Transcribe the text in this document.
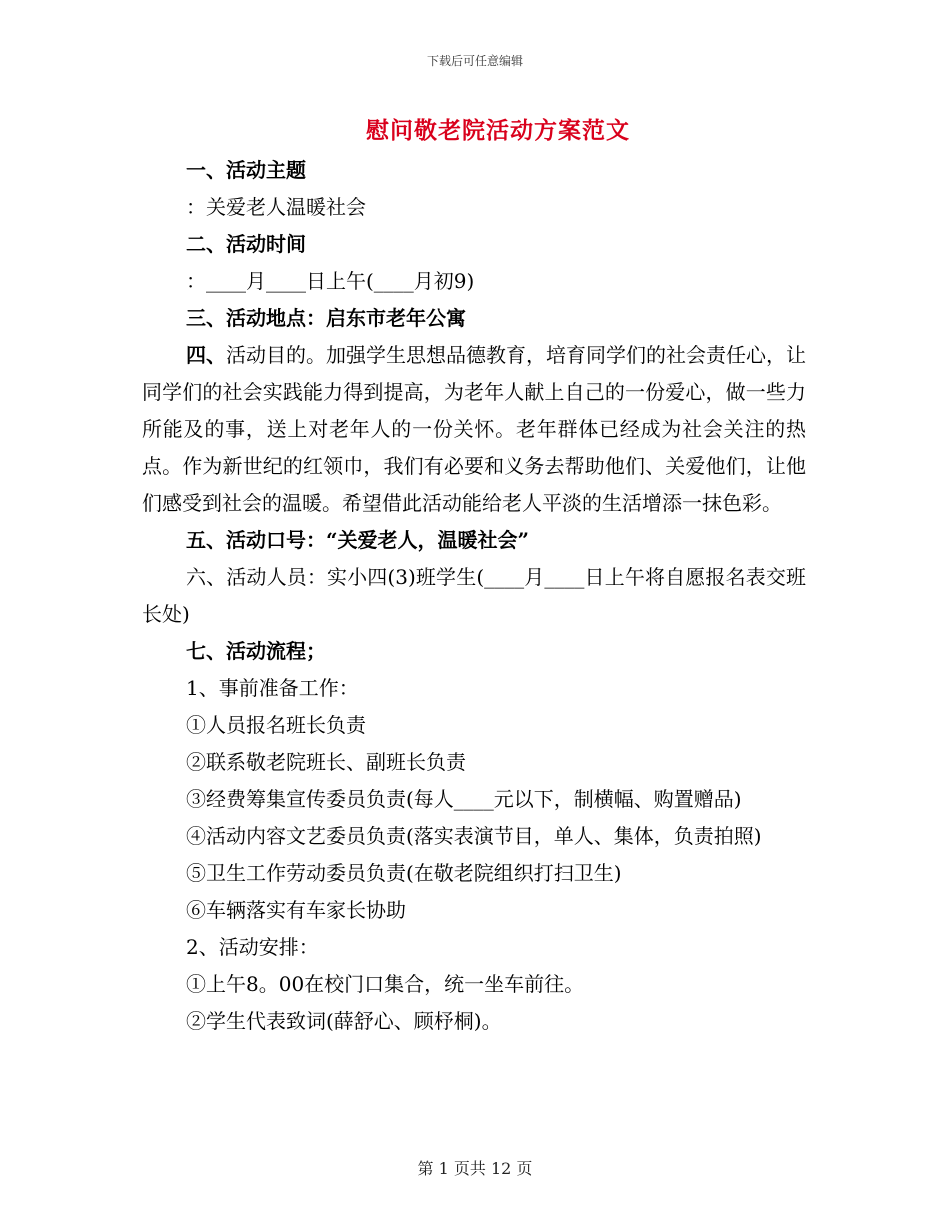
下载后可任意编辑
慰问敬老院活动方案范文

一、活动主题

：关爱老人温暖社会

二、活动时间

：____月____日上午(____月初9)

三、活动地点：启东市老年公寓

四、活动目的。加强学生思想品德教育，培育同学们的社会责任心，让同学们的社会实践能力得到提高，为老年人献上自己的一份爱心，做一些力所能及的事，送上对老年人的一份关怀。老年群体已经成为社会关注的热点。作为新世纪的红领巾，我们有必要和义务去帮助他们、关爱他们，让他们感受到社会的温暖。希望借此活动能给老人平淡的生活增添一抹色彩。

五、活动口号：“关爱老人，温暖社会”

六、活动人员：实小四(3)班学生(____月____日上午将自愿报名表交班长处)

七、活动流程；

1、事前准备工作：

①人员报名班长负责

②联系敬老院班长、副班长负责

③经费筹集宣传委员负责(每人____元以下，制横幅、购置赠品)

④活动内容文艺委员负责(落实表演节目，单人、集体，负责拍照)

⑤卫生工作劳动委员负责(在敬老院组织打扫卫生)

⑥车辆落实有车家长协助

2、活动安排：

①上午8。00在校门口集合，统一坐车前往。

②学生代表致词(薛舒心、顾杼桐)。

第 1 页共 12 页
